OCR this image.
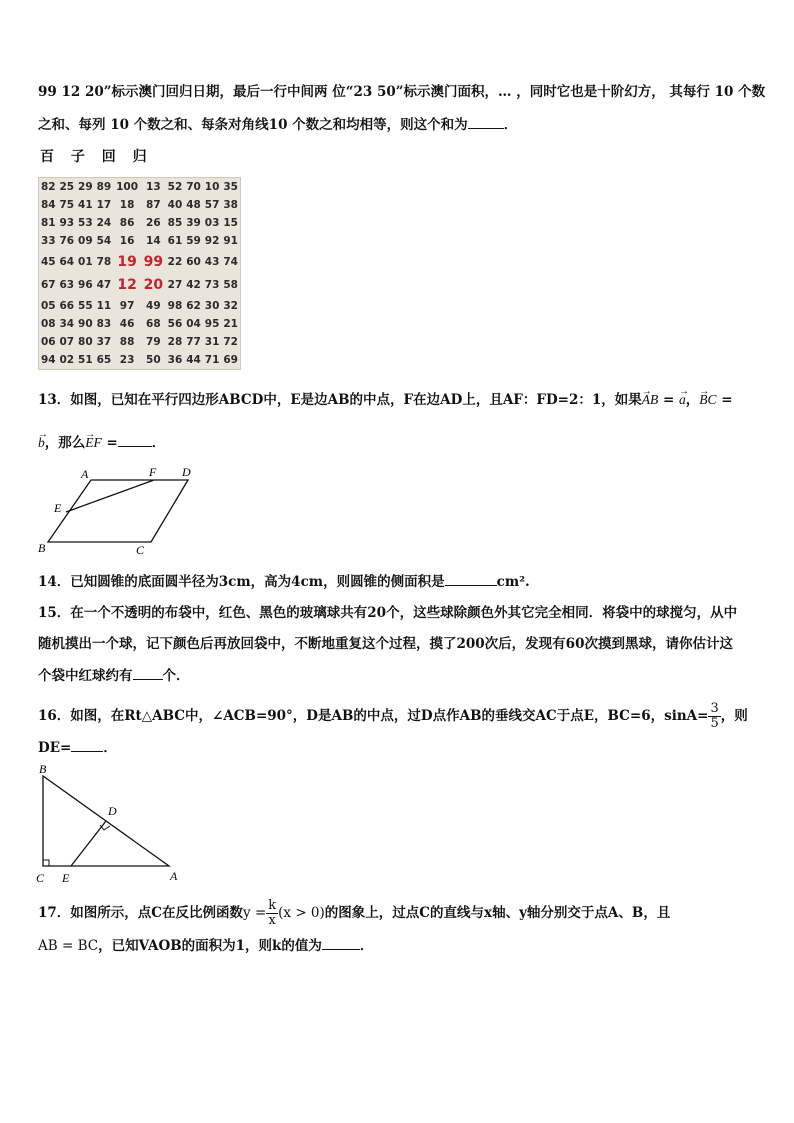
99 12 20”标示澳门回归日期，最后一行中间两 位“23 50”标示澳门面积，… ，同时它也是十阶幻方， 其每行 10 个数
之和、每列 10 个数之和、每条对角线10 个数之和均相等，则这个和为	．
百 子 回 归
82	25	29	89	100	13	52	70	10	35
84	75	41	17	18	87	40	48	57	38
81	93	53	24	86	26	85	39	03	15
33	76	09	54	16	14	61	59	92	91
45	64	01	78	19	99	22	60	43	74
67	63	96	47	12	20	27	42	73	58
05	66	55	11	97	49	98	62	30	32
08	34	90	83	46	68	56	04	95	21
06	07	80	37	88	79	28	77	31	72
94	02	51	65	23	50	36	44	71	69
13．如图，已知在平行四边形ABCD中，E是边AB的中点，F在边AD上，且AF：FD=2：1，如果→ AB = → a，→ BC =
→ b，那么→ EF =	．
A	F D
E
B	C
14．已知圆锥的底面圆半径为3cm，高为4cm，则圆锥的侧面积是	cm².
15．在一个不透明的布袋中，红色、黑色的玻璃球共有20个，这些球除颜色外其它完全相同．将袋中的球搅匀，从中
随机摸出一个球，记下颜色后再放回袋中，不断地重复这个过程，摸了200次后，发现有60次摸到黑球，请你估计这
个袋中红球约有 个．
16．如图，在Rt△ABC中，∠ACB=90°，D是AB的中点，过D点作AB的垂线交AC于点E，BC=6，$\sin A= \frac{3}{5}$ ，则
DE= ．
B
D
C E	A
17．如图所示，点C在反比例函数$y = \frac{k}{x} (x > 0)$的图象上，过点C的直线与x轴、y轴分别交于点A、B，且
AB = BC，已知VAOB的面积为1，则k的值为	．
